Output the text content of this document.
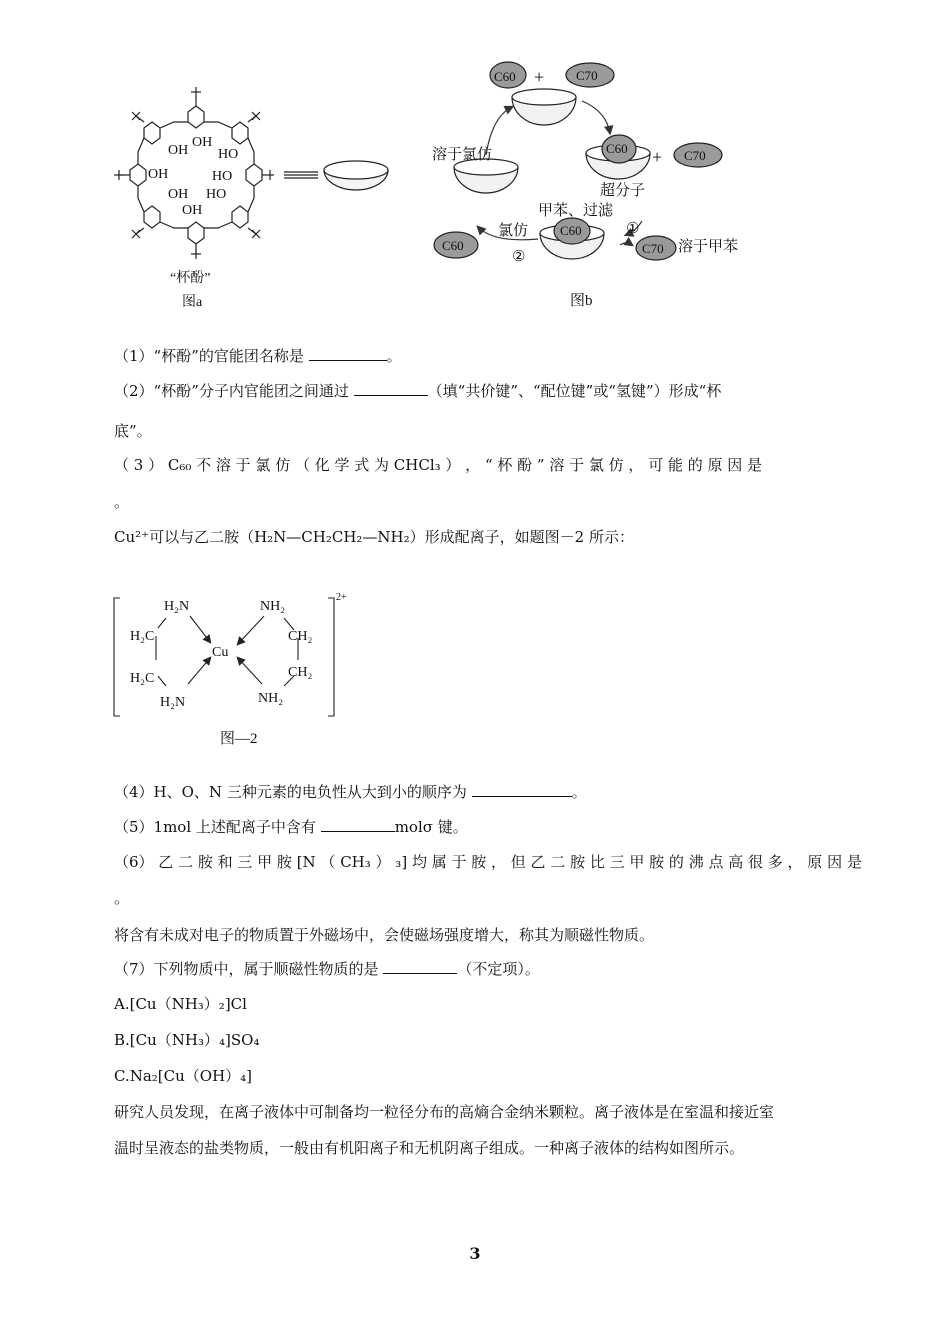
OH
OH
HO
OH	HO
OH HO
OH
“杯酚”
图a
C60 + C70
溶于氯仿	C60 + C70
超分子
甲苯、过滤
①
氯仿 C60
②
C60	C70 溶于甲苯
图b
（1）“杯酚”的官能团名称是	。
（2）“杯酚”分子内官能团之间通过	（填“共价键”、“配位键”或“氢键”）形成“杯
底”。
（ 3 ） C₆₀ 不 溶 于 氯 仿 （ 化 学 式 为 CHCl₃ ） ， “ 杯 酚 ” 溶 于 氯 仿 ， 可 能 的 原 因 是
。
Cu²⁺可以与乙二胺（H₂N—CH₂CH₂—NH₂）形成配离子，如题图－2 所示：
H₂N
H₂C
H₂C
H₂N
Cu
NH₂
CH₂
CH₂
NH₂
2+
图—2
（4）H、O、N 三种元素的电负性从大到小的顺序为	。
（5）1mol 上述配离子中含有	molσ 键。
（6） 乙 二 胺 和 三 甲 胺 [N （ CH₃ ） ₃] 均 属 于 胺 ， 但 乙 二 胺 比 三 甲 胺 的 沸 点 高 很 多 ， 原 因 是
。
将含有未成对电子的物质置于外磁场中，会使磁场强度增大，称其为顺磁性物质。
（7）下列物质中，属于顺磁性物质的是	（不定项）。
A.[Cu（NH₃）₂]Cl
B.[Cu（NH₃）₄]SO₄
C.Na₂[Cu（OH）₄]
研究人员发现，在离子液体中可制备均一粒径分布的高熵合金纳米颗粒。离子液体是在室温和接近室
温时呈液态的盐类物质，一般由有机阳离子和无机阴离子组成。一种离子液体的结构如图所示。
3
